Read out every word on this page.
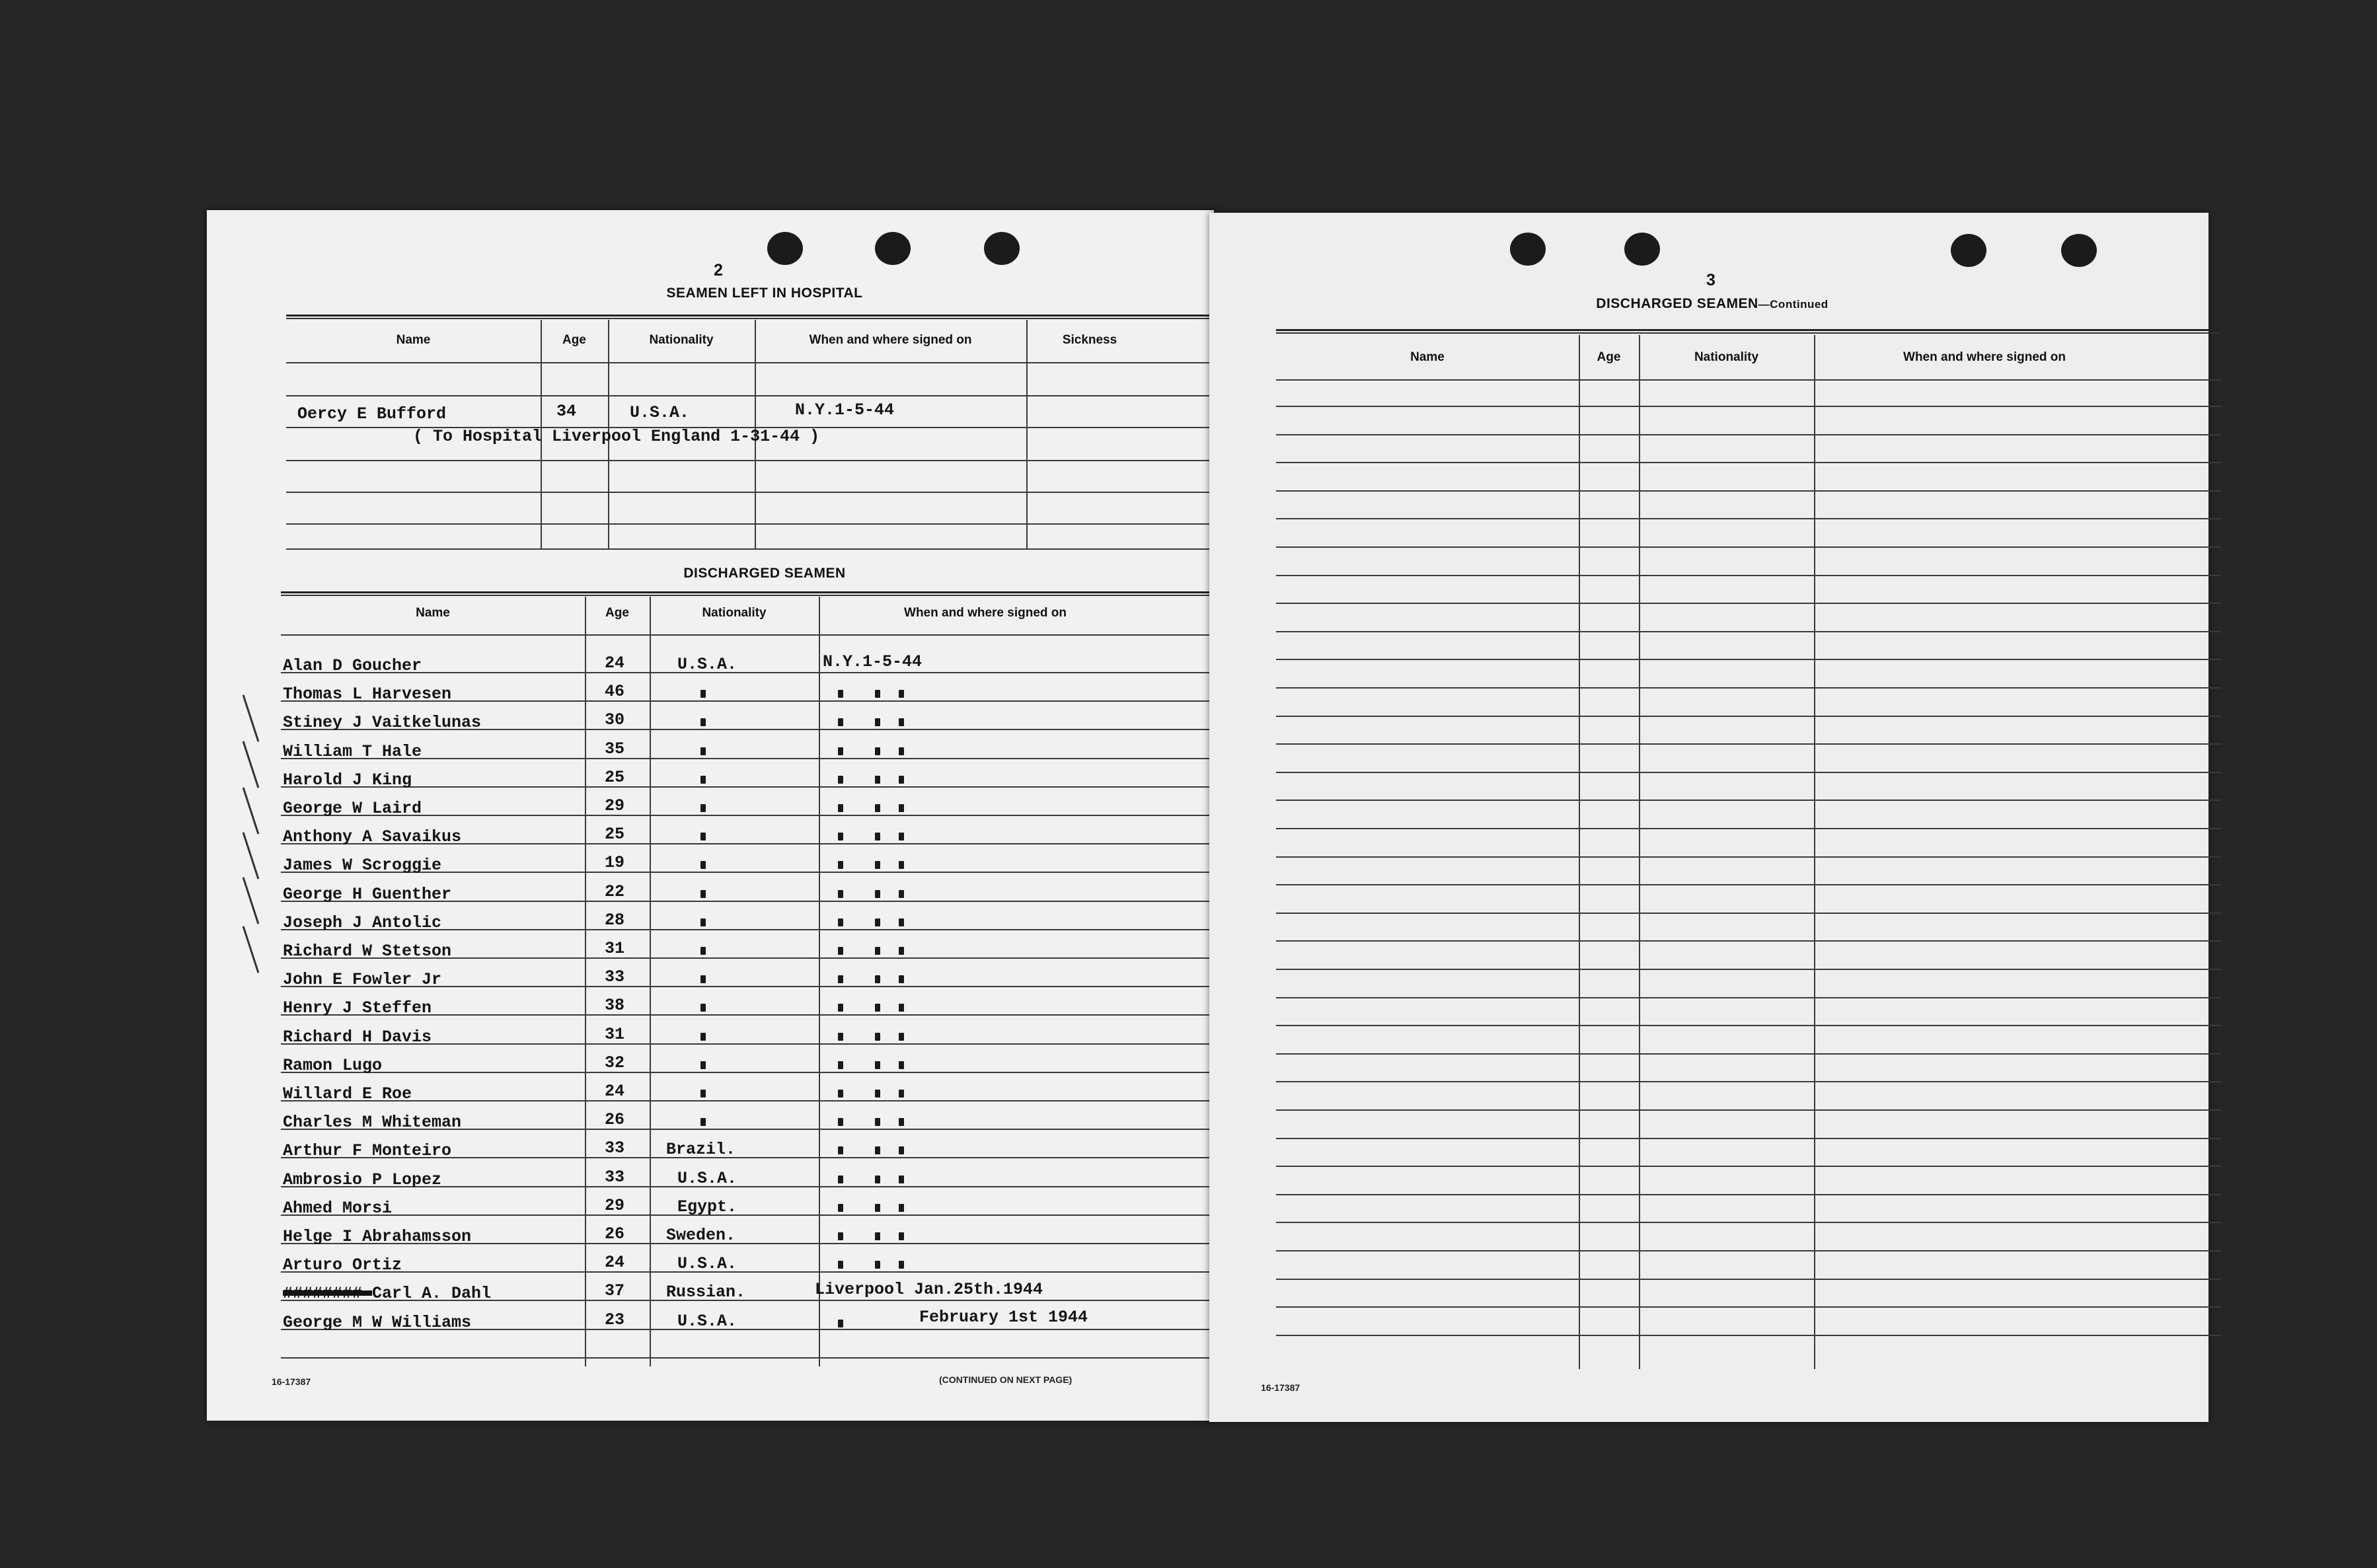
2
SEAMEN LEFT IN HOSPITAL
Name	Age	Nationality	When and where signed on	Sickness
Oercy E Bufford	34	U.S.A.	N.Y.1-5-44
( To Hospital Liverpool England 1-31-44 )
DISCHARGED SEAMEN
Name	Age	Nationality	When and where signed on
Alan D Goucher	24	U.S.A.	N.Y.1-5-44
Thomas L Harvesen	46
Stiney J Vaitkelunas	30
William T Hale	35
Harold J King	25
George W Laird	29
Anthony A Savaikus	25
James W Scroggie	19
George H Guenther	22
Joseph J Antolic	28
Richard W Stetson	31
John E Fowler Jr	33
Henry J Steffen	38
Richard H Davis	31
Ramon Lugo	32
Willard E Roe	24
Charles M Whiteman	26
Arthur F Monteiro	33	Brazil.
Ambrosio P Lopez	33	U.S.A.
Ahmed Morsi	29	Egypt.
Helge I Abrahamsson	26	Sweden.
Arturo Ortiz	24	U.S.A.
######## Carl A. Dahl	37	Russian.	Liverpool Jan.25th.1944
George M W Williams	23	U.S.A.	February 1st 1944
16-17387	(CONTINUED ON NEXT PAGE)
3
DISCHARGED SEAMEN—Continued
Name	Age	Nationality	When and where signed on
16-17387
